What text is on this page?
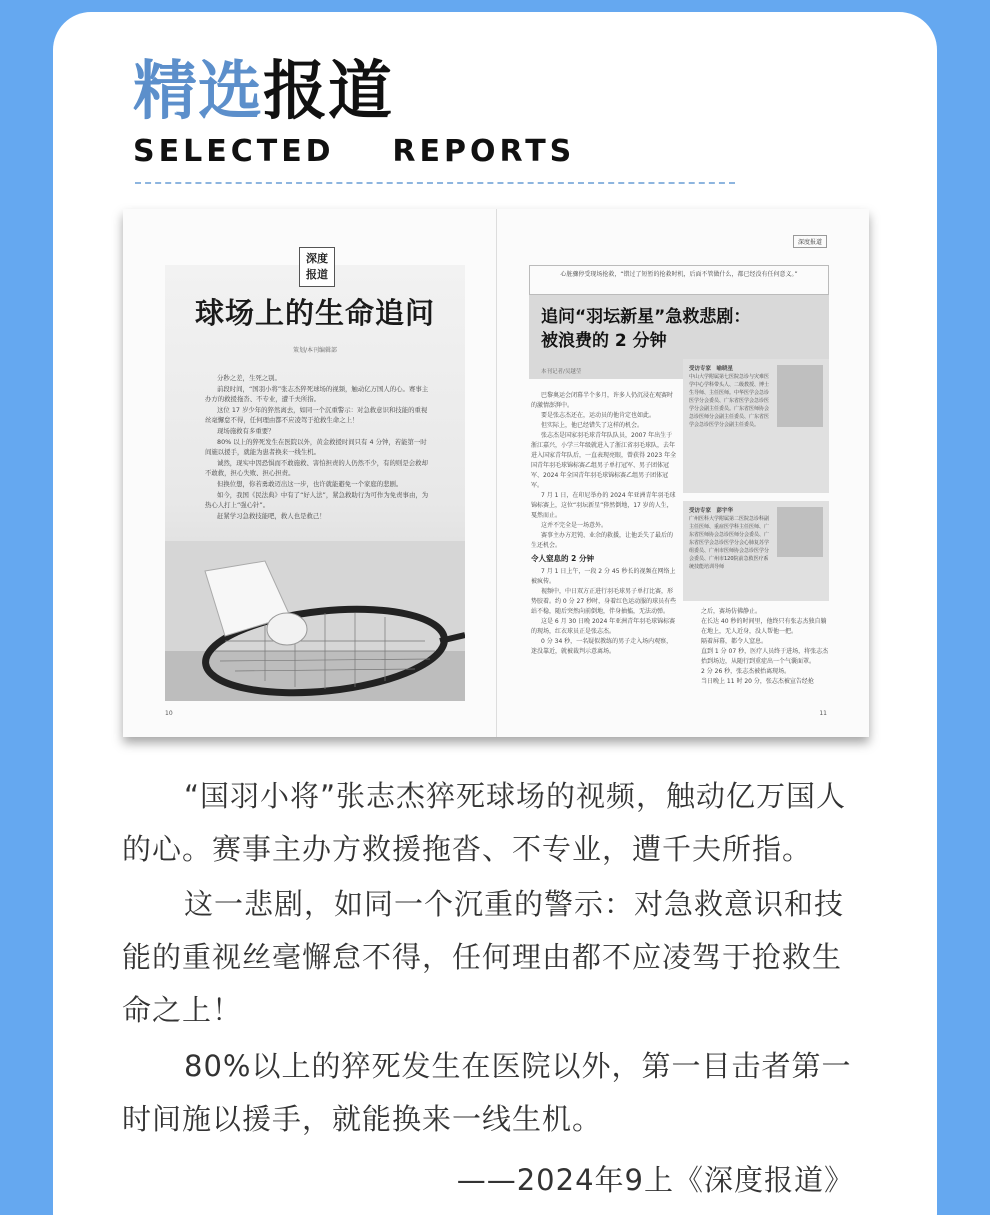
精选报道
SELECTED    REPORTS
深度
报道
球场上的生命追问
策划/本刊编辑部

分秒之差，生死之别。

前段时间，“国羽小将”张志杰猝死球场的视频，触动亿万国人的心。赛事主办方的救援拖沓、不专业，遭千夫所指。

这位 17 岁少年的猝然离去，如同一个沉重警示：对急救意识和技能的重视丝毫懈怠不得，任何理由都不应凌驾于抢救生命之上！

现场施救有多重要？

80% 以上的猝死发生在医院以外，黄金救援时间只有 4 分钟，若能第一时间施以援手，就能为患者换来一线生机。

诚然，现实中因恐惧而不敢施救、害怕担责的人仍然不少，有的则是会救却不敢救，担心失败、担心担责。

但换位想，你若勇敢迈出这一步，也许就能避免一个家庭的悲剧。

如今，我国《民法典》中有了“好人法”，紧急救助行为可作为免责事由，为热心人打上“强心针”。

赶紧学习急救技能吧，救人也是救己！

10
深度报道
心脏骤停受现场抢救，“错过了短暂的抢救时机，后面不管做什么，都已经没有任何意义。”
追问“羽坛新星”急救悲剧：
被浪费的 2 分钟
本刊记者/吴越莹

巴黎奥运会闭幕半个多月，许多人仍沉浸在观赛时的激情澎湃中。

要是张志杰还在，运动员的他肯定也如此。

但实际上，他已经错失了这样的机会。

张志杰是国家羽毛球青年队队员，2007 年出生于浙江嘉兴，小学三年级就进入了浙江省羽毛球队，去年进入国家青年队后，一直表现亮眼，曾获得 2023 年全国青年羽毛球锦标赛乙组男子单打冠军、男子团体冠军、2024 年全国青年羽毛球锦标赛乙组男子团体冠军。

7 月 1 日，在印尼举办的 2024 年亚洲青年羽毛球锦标赛上，这位“羽坛新星”猝然倒地，17 岁的人生，戛然而止。

这并不完全是一场意外。

赛事主办方迟钝、业余的救援，让他丢失了最后的生还机会。

令人窒息的 2 分钟

7 月 1 日上午，一段 2 分 45 秒长的视频在网络上被疯传。

视频中，中日双方正进行羽毛球男子单打比赛，形势胶着。约 0 分 27 秒时，身着红色运动服的球员有些站不稳，随后突然向前倒地，伴身抽搐，无法动弹。

这是 6 月 30 日晚 2024 年亚洲青年羽毛球锦标赛的现场，红衣球员正是张志杰。

0 分 34 秒，一名疑似教练的男子走入场内观察，迷没靠近，就被裁判示意离场。

受访专家　喻晓星
中山大学附属第七医院急诊与灾难医学中心学科带头人、二级教授、博士生导师、主任医师。中华医学会急诊医学分会委员、广东省医学会急诊医学分会副主任委员。广东省医师协会急诊医师分会副主任委员、广东省医学会急诊医学分会副主任委员。
受访专家　彭宇华
广州医科大学附属第二医院急诊科副主任医师、重症医学科主任医师、广东省医师协会急诊医师分会委员、广东省医学会急诊医学分会心肺复苏学组委员、广州市医师协会急诊医学分会委员、广州市120院前急救医疗系统技能培训导师

之后，赛场仿佛静止。

在长达 40 秒的时间里，他终只有张志杰独自躺在地上，无人近身，没人帮他一把。

隔着屏幕，都令人窒息。

直到 1 分 07 秒，医疗人员终于进场，将张志杰抬到场边，从随行到重症出一个气囊面罩。

2 分 26 秒，张志杰被抬离现场。

当日晚上 11 时 20 分，张志杰被宣告经抢

11
“国羽小将”张志杰猝死球场的视频，触动亿万国人的心。赛事主办方救援拖沓、不专业，遭千夫所指。
这一悲剧，如同一个沉重的警示：对急救意识和技能的重视丝毫懈怠不得，任何理由都不应凌驾于抢救生命之上！
80%以上的猝死发生在医院以外，第一目击者第一时间施以援手，就能换来一线生机。
——2024年9上《深度报道》
